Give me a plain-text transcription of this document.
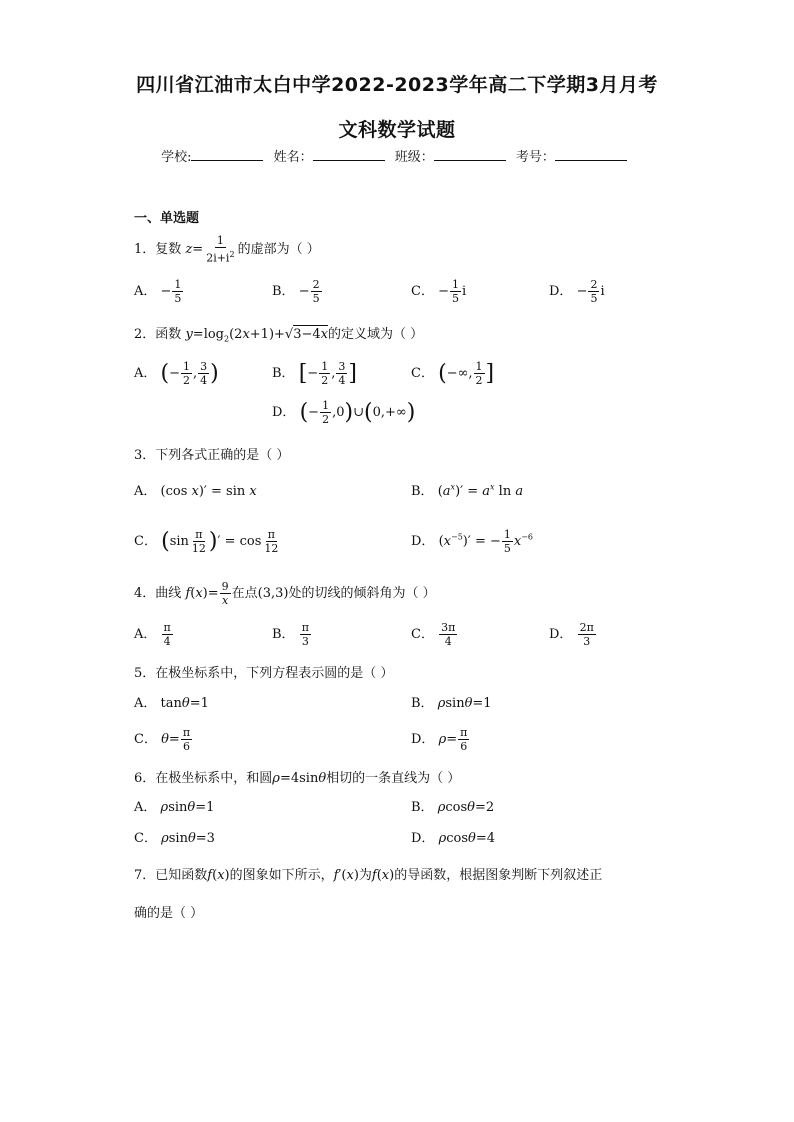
四川省江油市太白中学2022-2023学年高二下学期3月月考
文科数学试题
学校:	姓名：	班级：	考号：
一、单选题
1．复数 $z= \frac{1}{2i+i^2}$ 的虚部为（ ）
A． − $\frac{1}{5}$	B． − $\frac{2}{5}$	C． − $\frac{1}{5}$ i	D． − $\frac{2}{5}$ i
2．函数 $y=\log_2(2x+1)+√3-4x$的定义域为（ ）
A． (− $\frac{1}{2}$ , $\frac{3}{4}$ )	B． [− $\frac{1}{2}$ , $\frac{3}{4}$ ]	C． (−∞, $\frac{1}{2}$ ]
D． (− $\frac{1}{2}$ ,0)∪(0,+∞)
3．下列各式正确的是（ ）
A． (cos x)′ = sin x	B． $(a^x)' = a^x$ ln a
C． ($\sin \frac{\pi}{12}$ )′ = $\cos \frac{\pi}{12}$	D． $(x^{-5})'$ = − $\frac{1}{5} x^{-6}$
4．曲线 $f(x)= \frac{9}{x}$ 在点(3,3)处的切线的倾斜角为（ ）
A． $\frac{\pi}{4}$	B． $\frac{\pi}{3}$	C． $\frac{3\pi}{4}$	D． $\frac{2\pi}{3}$
5．在极坐标系中，下列方程表示圆的是（ ）
A． tanθ=1	B． ρsinθ=1
C． $\theta= \frac{\pi}{6}$	D． $\rho= \frac{\pi}{6}$
6．在极坐标系中，和圆ρ=4sinθ相切的一条直线为（ ）
A． ρsinθ=1	B． ρcosθ=2
C． ρsinθ=3	D． ρcosθ=4
7．已知函数f(x)的图象如下所示，f′(x)为f(x)的导函数，根据图象判断下列叙述正
确的是（ ）
